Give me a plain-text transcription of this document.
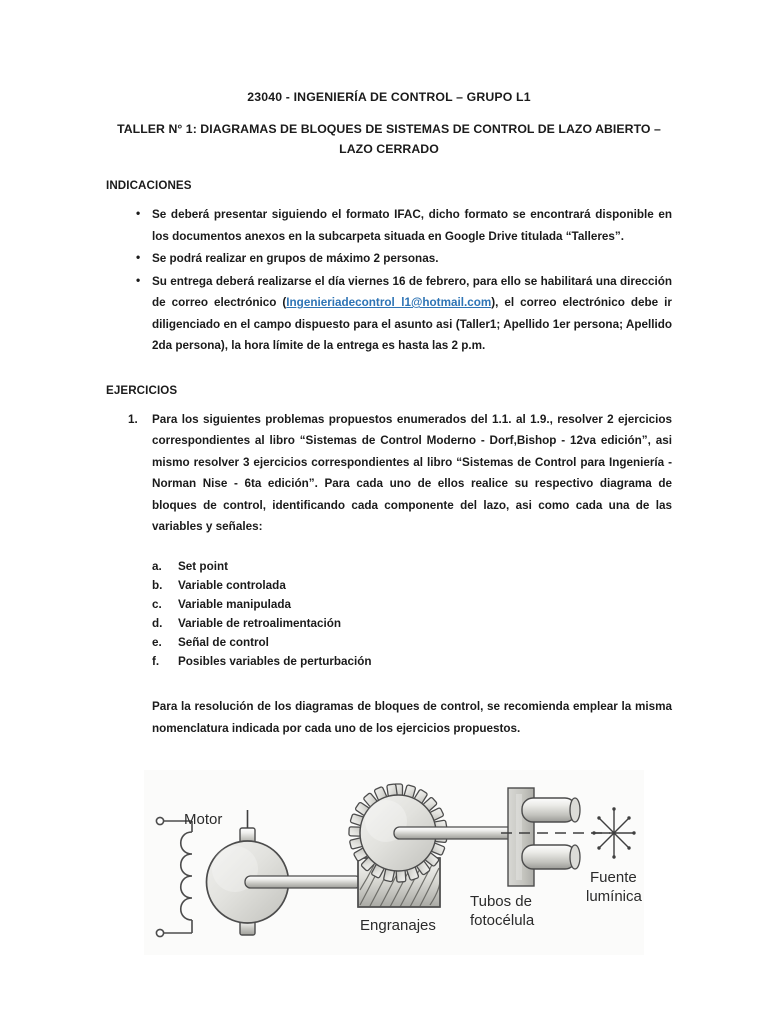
23040 - INGENIERÍA DE CONTROL – GRUPO L1
TALLER N° 1: DIAGRAMAS DE BLOQUES DE SISTEMAS DE CONTROL DE LAZO ABIERTO – LAZO CERRADO
INDICACIONES
• Se deberá presentar siguiendo el formato IFAC, dicho formato se encontrará disponible en los documentos anexos en la subcarpeta situada en Google Drive titulada “Talleres”.
• Se podrá realizar en grupos de máximo 2 personas.
• Su entrega deberá realizarse el día viernes 16 de febrero, para ello se habilitará una dirección de correo electrónico (Ingenieriadecontrol_l1@hotmail.com), el correo electrónico debe ir diligenciado en el campo dispuesto para el asunto asi (Taller1; Apellido 1er persona; Apellido 2da persona), la hora límite de la entrega es hasta las 2 p.m.
EJERCICIOS
1. Para los siguientes problemas propuestos enumerados del 1.1. al 1.9., resolver 2 ejercicios correspondientes al libro “Sistemas de Control Moderno - Dorf,Bishop - 12va edición”, asi mismo resolver 3 ejercicios correspondientes al libro “Sistemas de Control para Ingeniería - Norman Nise - 6ta edición”. Para cada uno de ellos realice su respectivo diagrama de bloques de control, identificando cada componente del lazo, asi como cada una de las variables y señales:
a. Set point
b. Variable controlada
c. Variable manipulada
d. Variable de retroalimentación
e. Señal de control
f. Posibles variables de perturbación
Para la resolución de los diagramas de bloques de control, se recomienda emplear la misma nomenclatura indicada por cada uno de los ejercicios propuestos.
Motor
Engranajes
Tubos de
fotocélula
Fuente
lumínica
